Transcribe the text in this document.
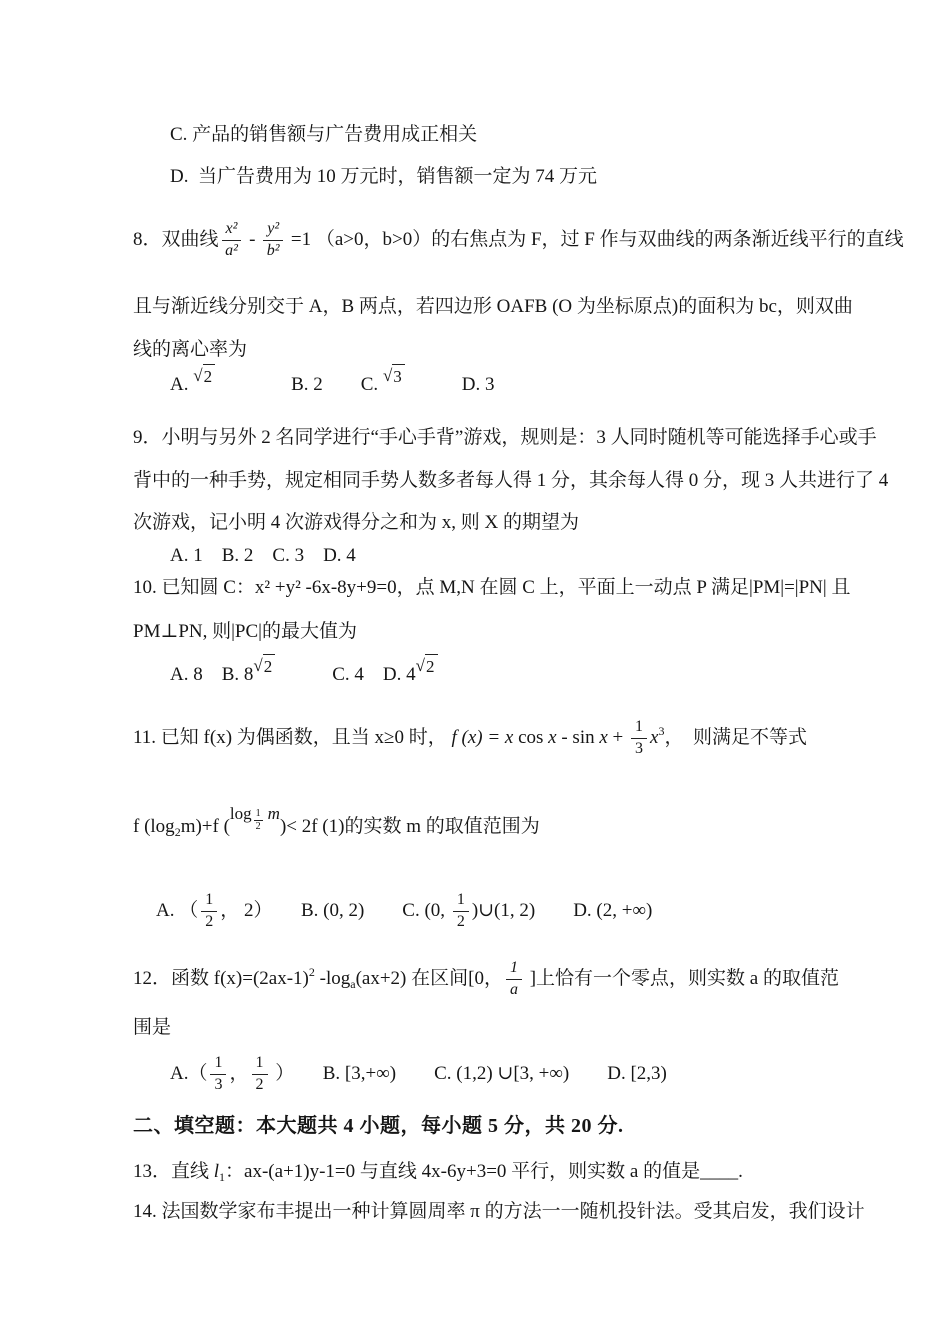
C. 产品的销售额与广告费用成正相关
D.  当广告费用为 10 万元时，销售额一定为 74 万元
8．双曲线 $\frac{\text{x²}}{\text{a²}} - \frac{\text{y²}}{\text{b²}} =1$ （a>0，b>0）的右焦点为 F，过 F 作与双曲线的两条渐近线平行的直线
且与渐近线分别交于 A，B 两点，若四边形 OAFB (O 为坐标原点)的面积为 bc，则双曲
线的离心率为
A. √ 2 　　　　B. 2　　C. √ 3 　　　D. 3
9．小明与另外 2 名同学进行“手心手背”游戏，规则是：3 人同时随机等可能选择手心或手
背中的一种手势，规定相同手势人数多者每人得 1 分，其余每人得 0 分，现 3 人共进行了 4
次游戏，记小明 4 次游戏得分之和为 x, 则 X 的期望为
A. 1　B. 2　C. 3　D. 4
10. 已知圆 C：x² +y² -6x-8y+9=0，点 M,N 在圆 C 上，平面上一动点 P 满足|PM|=|PN| 且
PM⊥PN, 则|PC|的最大值为
A. 8　B. 8 √ 2 　　　C. 4　D. 4 √ 2
11. 已知 f(x) 为偶函数，且当 x≥0 时， f (x) = x $\cos x - \sin x + \frac{1}{3}$ x 3 ，  则满足不等式
f (log 2 m)+f (
$\log \frac{1}{2}$ m
)< 2f (1)的实数 m 的取值范围为
A. （ $\frac{1}{2}$ ， 2）　　B. (0, 2)　　C. (0, $\frac{1}{2}$ )∪(1, 2)　　D. (2, +∞)
12．函数 f(x)=(2ax-1) 2 -log a (ax+2) 在区间[0， $\frac{1}{a}$ ]上恰有一个零点，则实数 a 的取值范
围是
$A.( \frac{1}{3}$ ， $\frac{1}{2}$ ）　　B. [3,+∞)　　C. (1,2) ∪[3, +∞)　　D. [2,3)
二、填空题：本大题共 4 小题，每小题 5 分，共 20 分.
13．直线 l 1 ：ax-(a+1)y-1=0 与直线 4x-6y+3=0 平行，则实数 a 的值是____.
14. 法国数学家布丰提出一种计算圆周率 π 的方法一一随机投针法。受其启发，我们设计
